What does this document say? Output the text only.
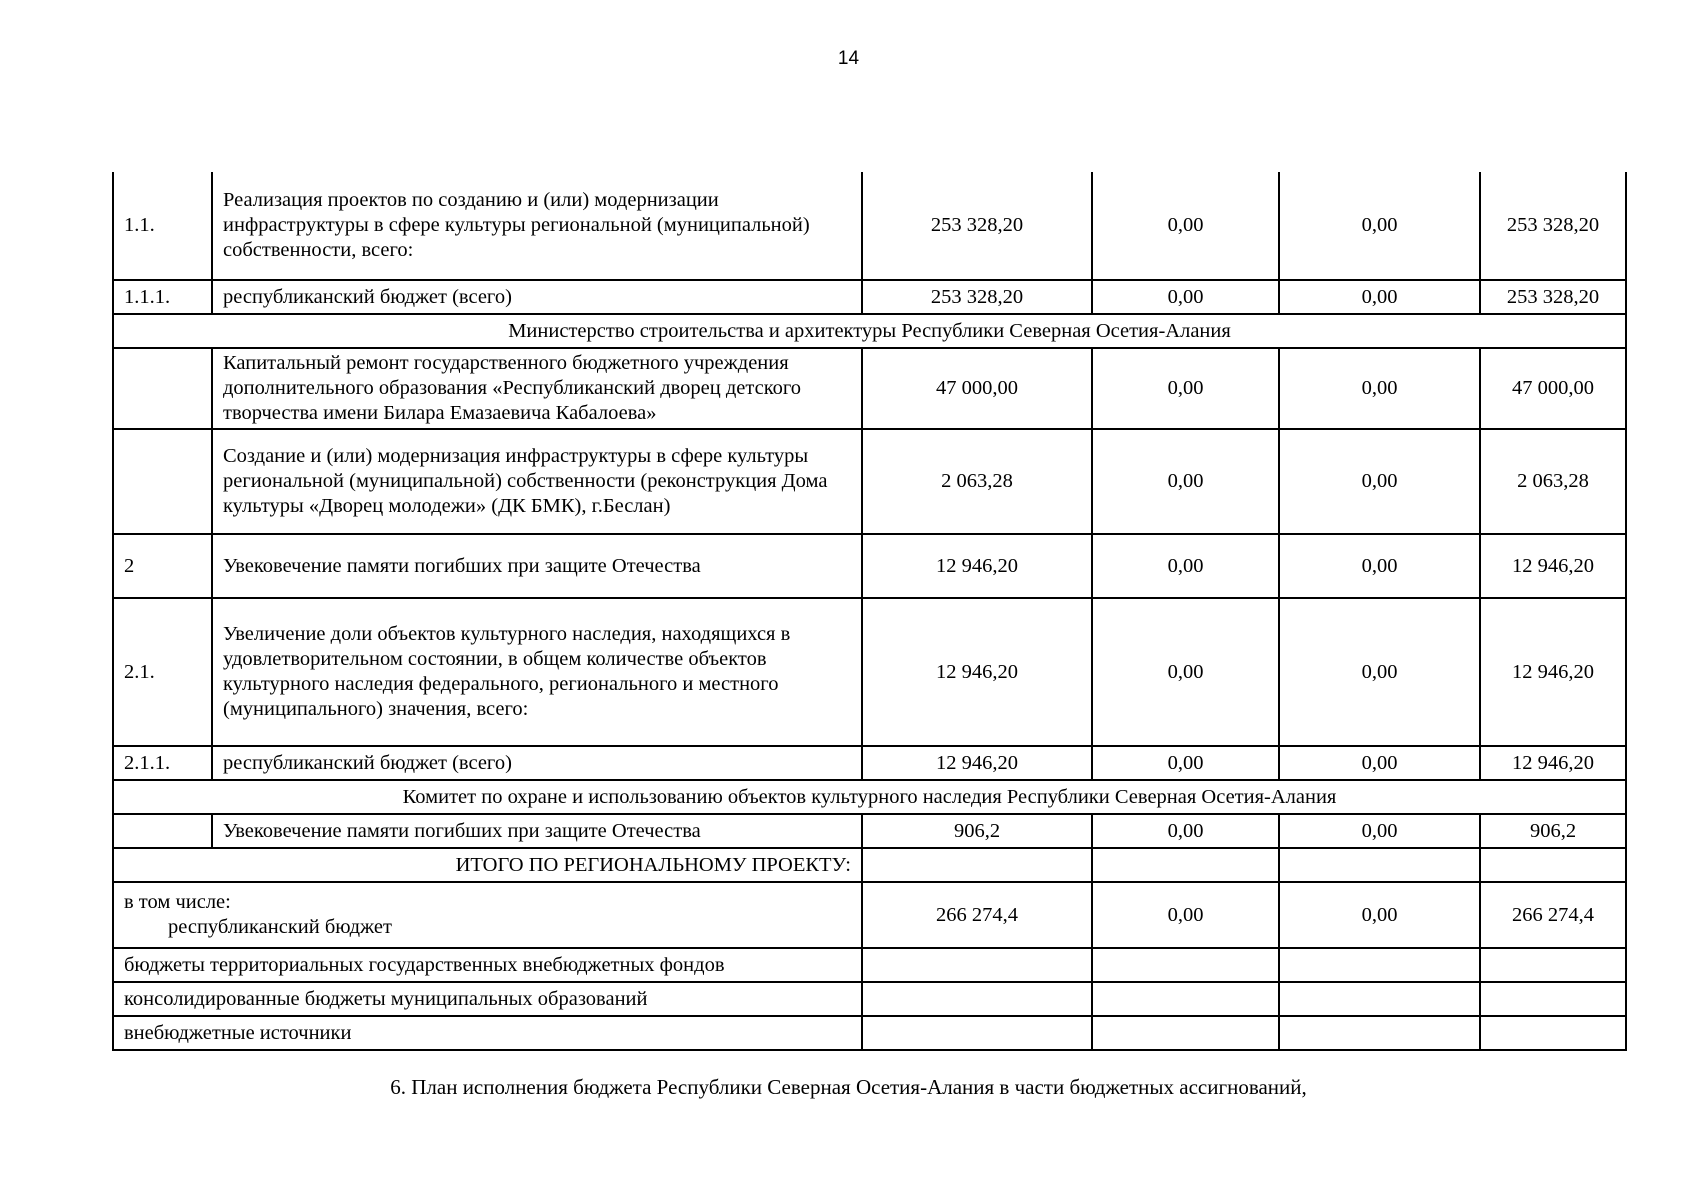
14
1.1.	Реализация проектов по созданию и (или) модернизации инфраструктуры в сфере культуры региональной (муниципальной) собственности, всего:	253 328,20	0,00	0,00	253 328,20
1.1.1.	республиканский бюджет (всего)	253 328,20	0,00	0,00	253 328,20
Министерство строительства и архитектуры Республики Северная Осетия-Алания					
	Капитальный ремонт государственного бюджетного учреждения дополнительного образования «Республиканский дворец детского творчества имени Билара Емазаевича Кабалоева»	47 000,00	0,00	0,00	47 000,00
	Создание и (или) модернизация инфраструктуры в сфере культуры региональной (муниципальной) собственности (реконструкция Дома культуры «Дворец молодежи» (ДК БМК), г.Беслан)	2 063,28	0,00	0,00	2 063,28
2	Увековечение памяти погибших при защите Отечества	12 946,20	0,00	0,00	12 946,20
2.1.	Увеличение доли объектов культурного наследия, находящихся в удовлетворительном состоянии, в общем количестве объектов культурного наследия федерального, регионального и местного (муниципального) значения, всего:	12 946,20	0,00	0,00	12 946,20
2.1.1.	республиканский бюджет (всего)	12 946,20	0,00	0,00	12 946,20
Комитет по охране и использованию объектов культурного наследия Республики Северная Осетия-Алания					
	Увековечение памяти погибших при защите Отечества	906,2	0,00	0,00	906,2
ИТОГО ПО РЕГИОНАЛЬНОМУ ПРОЕКТУ:					
в том числе:
республиканский бюджет		266 274,4	0,00	0,00	266 274,4
бюджеты территориальных государственных внебюджетных фондов					
консолидированные бюджеты муниципальных образований					
внебюджетные источники					
6. План исполнения бюджета Республики Северная Осетия-Алания в части бюджетных ассигнований,
